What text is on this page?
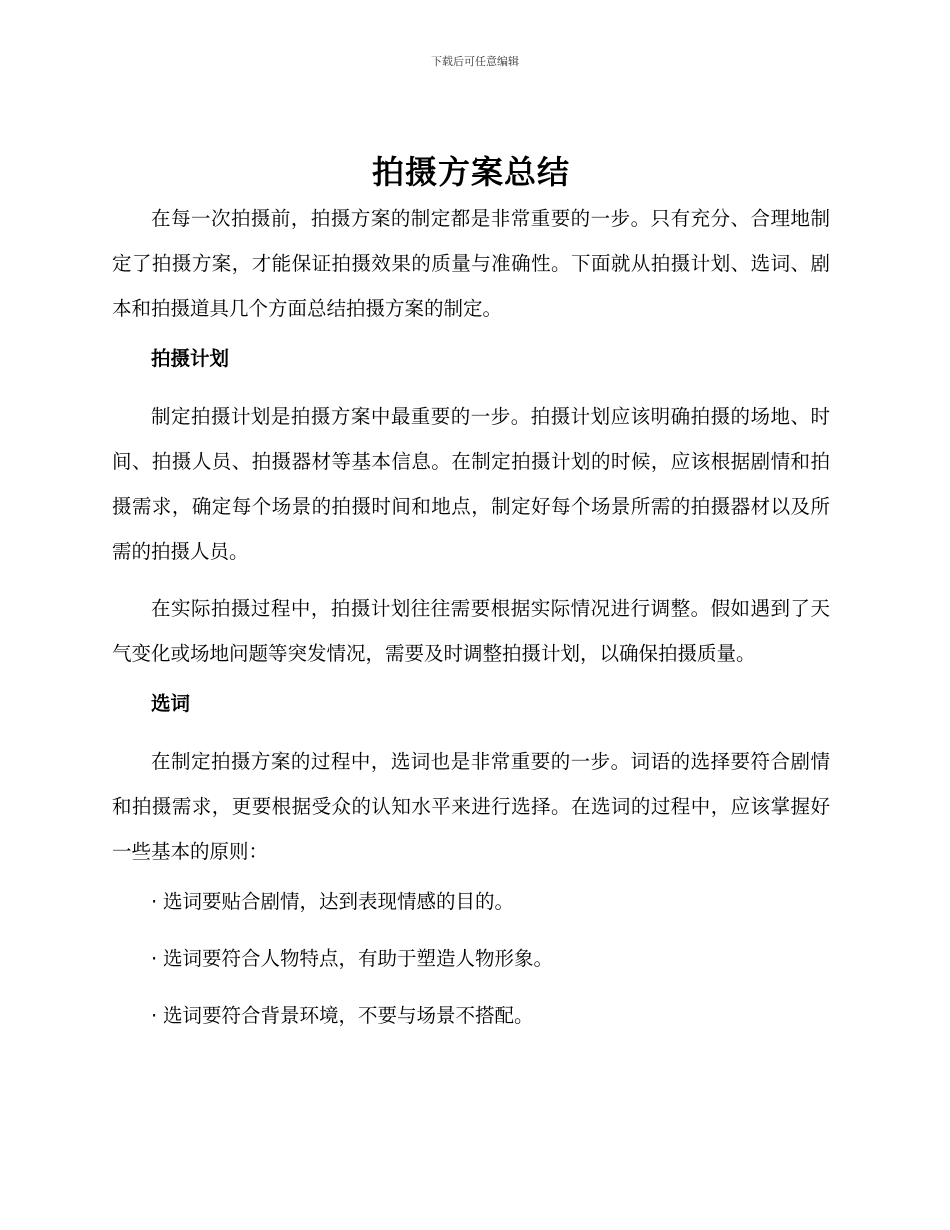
下载后可任意编辑
拍摄方案总结

在每一次拍摄前，拍摄方案的制定都是非常重要的一步。只有充分、合理地制定了拍摄方案，才能保证拍摄效果的质量与准确性。下面就从拍摄计划、选词、剧本和拍摄道具几个方面总结拍摄方案的制定。

拍摄计划

制定拍摄计划是拍摄方案中最重要的一步。拍摄计划应该明确拍摄的场地、时间、拍摄人员、拍摄器材等基本信息。在制定拍摄计划的时候，应该根据剧情和拍摄需求，确定每个场景的拍摄时间和地点，制定好每个场景所需的拍摄器材以及所需的拍摄人员。

在实际拍摄过程中，拍摄计划往往需要根据实际情况进行调整。假如遇到了天气变化或场地问题等突发情况，需要及时调整拍摄计划，以确保拍摄质量。

选词

在制定拍摄方案的过程中，选词也是非常重要的一步。词语的选择要符合剧情和拍摄需求，更要根据受众的认知水平来进行选择。在选词的过程中，应该掌握好一些基本的原则：

· 选词要贴合剧情，达到表现情感的目的。
· 选词要符合人物特点，有助于塑造人物形象。
· 选词要符合背景环境，不要与场景不搭配。
